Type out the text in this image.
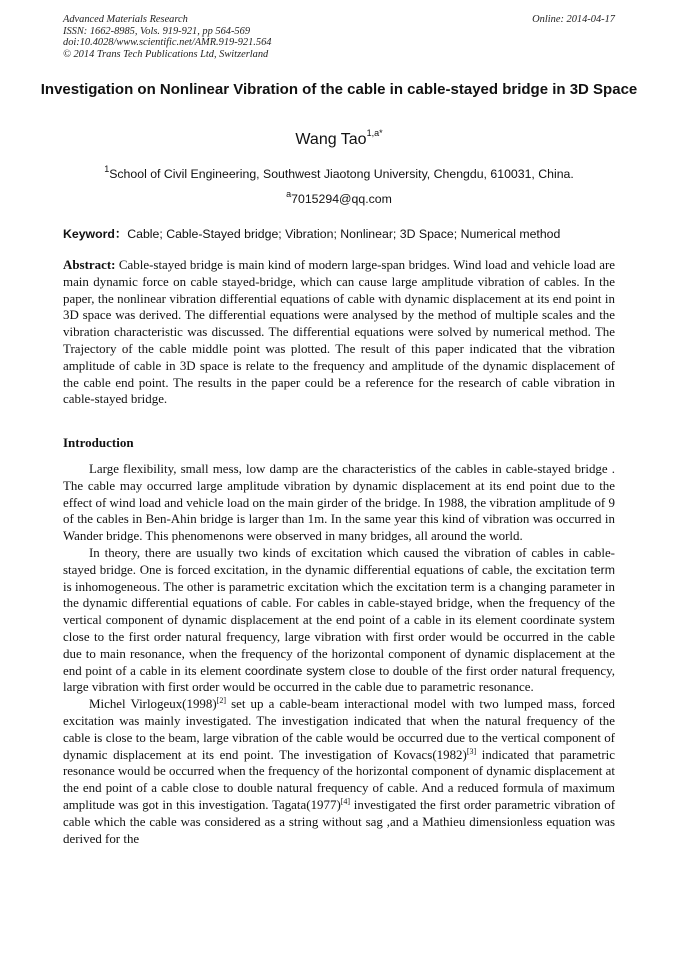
Advanced Materials Research
ISSN: 1662-8985, Vols. 919-921, pp 564-569
doi:10.4028/www.scientific.net/AMR.919-921.564
© 2014 Trans Tech Publications Ltd, Switzerland
Online: 2014-04-17
Investigation on Nonlinear Vibration of the cable in cable-stayed bridge in 3D Space
Wang Tao$^{1,a*}$
$^1$School of Civil Engineering, Southwest Jiaotong University, Chengdu, 610031, China.
$^a$7015294@qq.com
Keyword：Cable; Cable-Stayed bridge; Vibration; Nonlinear; 3D Space; Numerical method
Abstract: Cable-stayed bridge is main kind of modern large-span bridges. Wind load and vehicle load are main dynamic force on cable stayed-bridge, which can cause large amplitude vibration of cables. In the paper, the nonlinear vibration differential equations of cable with dynamic displacement at its end point in 3D space was derived. The differential equations were analysed by the method of multiple scales and the vibration characteristic was discussed. The differential equations were solved by numerical method. The Trajectory of the cable middle point was plotted. The result of this paper indicated that the vibration amplitude of cable in 3D space is relate to the frequency and amplitude of the dynamic displacement of the cable end point. The results in the paper could be a reference for the research of cable vibration in cable-stayed bridge.
Introduction

Large flexibility, small mess, low damp are the characteristics of the cables in cable-stayed bridge . The cable may occurred large amplitude vibration by dynamic displacement at its end point due to the effect of wind load and vehicle load on the main girder of the bridge. In 1988, the vibration amplitude of 9 of the cables in Ben-Ahin bridge is larger than 1m. In the same year this kind of vibration was occurred in Wander bridge. This phenomenons were observed in many bridges, all around the world.

In theory, there are usually two kinds of excitation which caused the vibration of cables in cable-stayed bridge. One is forced excitation, in the dynamic differential equations of cable, the excitation term is inhomogeneous. The other is parametric excitation which the excitation term is a changing parameter in the dynamic differential equations of cable. For cables in cable-stayed bridge, when the frequency of the vertical component of dynamic displacement at the end point of a cable in its element coordinate system close to the first order natural frequency, large vibration with first order would be occurred in the cable due to main resonance, when the frequency of the horizontal component of dynamic displacement at the end point of a cable in its element coordinate system close to double of the first order natural frequency, large vibration with first order would be occurred in the cable due to parametric resonance.

Michel Virlogeux(1998)[2] set up a cable-beam interactional model with two lumped mass, forced excitation was mainly investigated. The investigation indicated that when the natural frequency of the cable is close to the beam, large vibration of the cable would be occurred due to the vertical component of dynamic displacement at its end point. The investigation of Kovacs(1982)[3] indicated that parametric resonance would be occurred when the frequency of the horizontal component of dynamic displacement at the end point of a cable close to double natural frequency of cable. And a reduced formula of maximum amplitude was got in this investigation. Tagata(1977)[4] investigated the first order parametric vibration of cable which the cable was considered as a string without sag ,and a Mathieu dimensionless equation was derived for the
